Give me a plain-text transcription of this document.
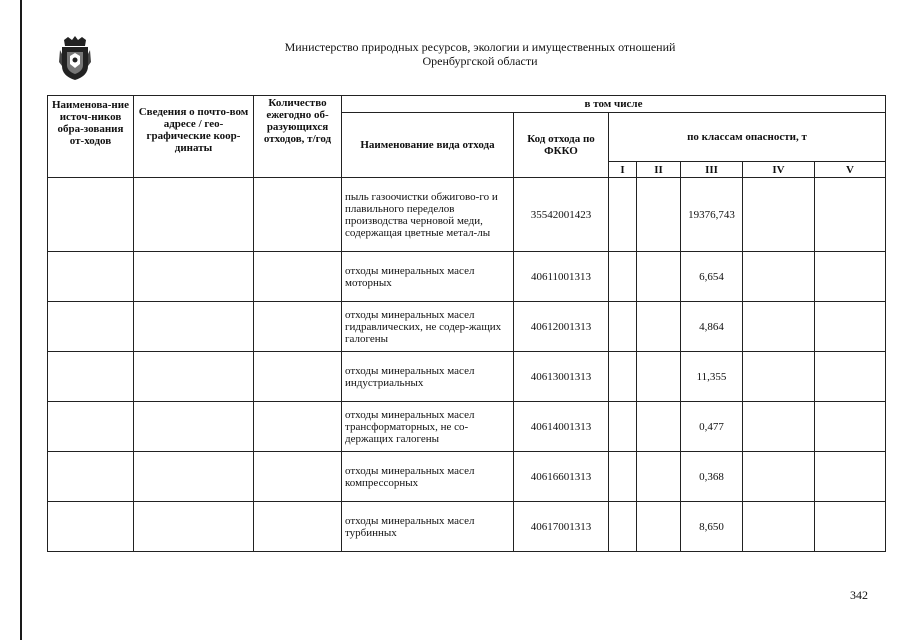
Министерство природных ресурсов, экологии и имущественных отношений
Оренбургской области
Наименова-ние источ-ников обра-зования от-ходов	Сведения о почто-вом адресе / гео-графические коор-динаты	Количество ежегодно об-разующихся отходов, т/год	в том числе						
			Наименование вида отхода	Код отхода по ФККО	по классам опасности, т				
					I	II	III	IV	V
			пыль газоочистки обжигово-го и плавильного переделов производства черновой меди, содержащая цветные метал-лы	35542001423			19376,743		
			отходы минеральных масел моторных	40611001313			6,654		
			отходы минеральных масел гидравлических, не содер-жащих галогены	40612001313			4,864		
			отходы минеральных масел индустриальных	40613001313			11,355		
			отходы минеральных масел трансформаторных, не со-держащих галогены	40614001313			0,477		
			отходы минеральных масел компрессорных	40616601313			0,368		
			отходы минеральных масел турбинных	40617001313			8,650		
342
